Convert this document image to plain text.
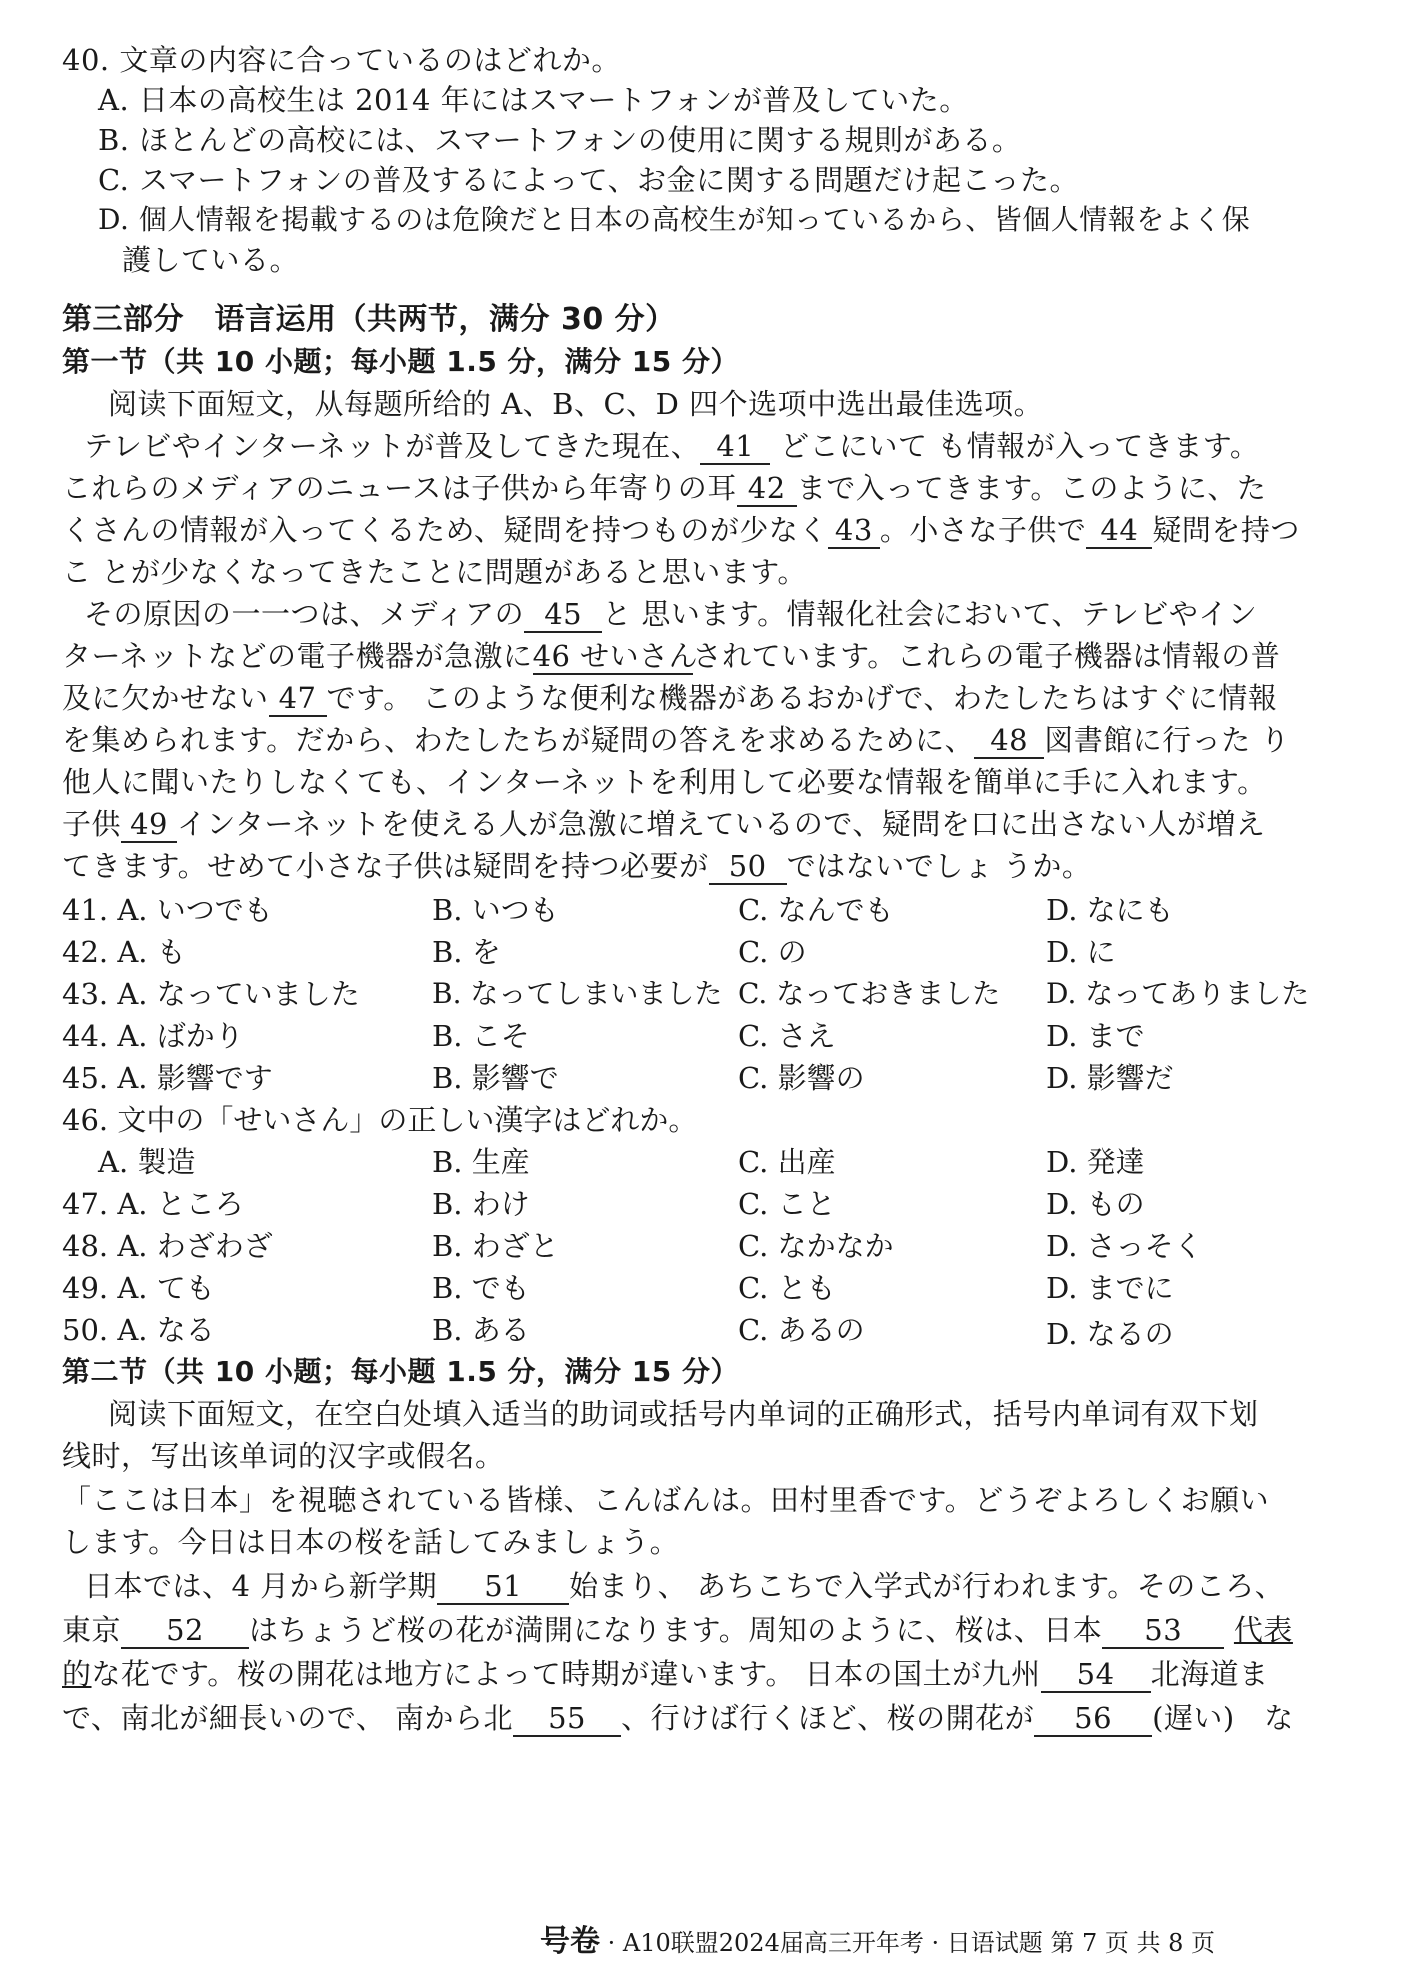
40. 文章の内容に合っているのはどれか。
A. 日本の高校生は 2014 年にはスマートフォンが普及していた。
B. ほとんどの高校には、スマートフォンの使用に関する規則がある。
C. スマートフォンの普及するによって、お金に関する問題だけ起こった。
D. 個人情報を掲載するのは危険だと日本の高校生が知っているから、皆個人情報をよく保
護している。
第三部分　语言运用（共两节，满分 30 分）
第一节（共 10 小题；每小题 1.5 分，满分 15 分）
阅读下面短文，从每题所给的 A、B、C、D 四个选项中选出最佳选项。
テレビやインターネットが普及してきた現在、 41 どこにいて も情報が入ってきます。
これらのメディアのニュースは子供から年寄りの耳 42 まで入ってきます。このように、た
くさんの情報が入ってくるため、疑問を持つものが少なく 43 。小さな子供で 44 疑問を持つ
こ とが少なくなってきたことに問題があると思います。
その原因の一一つは、メディアの 45 と 思います。情報化社会において、テレビやイン
ターネットなどの電子機器が急激に46 せいさんされています。これらの電子機器は情報の普
及に欠かせない 47 です。 このような便利な機器があるおかげで、わたしたちはすぐに情報
を集められます。だから、わたしたちが疑問の答えを求めるために、 48 図書館に行った り
他人に聞いたりしなくても、インターネットを利用して必要な情報を簡単に手に入れます。
子供 49 インターネットを使える人が急激に増えているので、疑問を口に出さない人が増え
てきます。せめて小さな子供は疑問を持つ必要が 50 ではないでしょ うか。
41. A. いつでも	B. いつも	C. なんでも	D. なにも
42. A. も	B. を	C. の	D. に
43. A. なっていました	B. なってしまいました C. なっておきました D. なってありました
44. A. ばかり	B. こそ	C. さえ	D. まで
45. A. 影響です	B. 影響で	C. 影響の	D. 影響だ
46. 文中の「せいさん」の正しい漢字はどれか。
A. 製造	B. 生産	C. 出産	D. 発達
47. A. ところ	B. わけ	C. こと	D. もの
48. A. わざわざ	B. わざと	C. なかなか	D. さっそく
49. A. ても	B. でも	C. とも	D. までに
50. A. なる	B. ある	C. あるの	D. なるの
第二节（共 10 小题；每小题 1.5 分，满分 15 分）
阅读下面短文，在空白处填入适当的助词或括号内单词的正确形式，括号内单词有双下划
线时，写出该单词的汉字或假名。
「ここは日本」を視聴されている皆様、こんばんは。田村里香です。どうぞよろしくお願い
します。今日は日本の桜を話してみましょう。
日本では、4 月から新学期 51 始まり、 あちこちで入学式が行われます。そのころ、
東京 52 はちょうど桜の花が満開になります。周知のように、桜は、日本 53 代表
的な花です。桜の開花は地方によって時期が違います。 日本の国土が九州 54 北海道ま
で、南北が細長いので、 南から北 55 、行けば行くほど、桜の開花が 56 (遅い)　な
号卷 · A10联盟2024届高三开年考 · 日语试题 第 7 页 共 8 页
